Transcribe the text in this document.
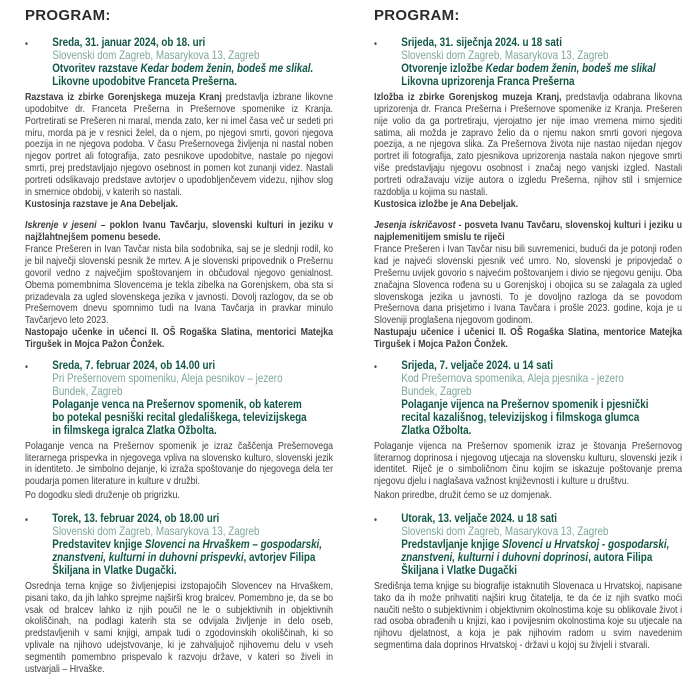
PROGRAM:
•	Sreda, 31. januar 2024, ob 18. uri
Slovenski dom Zagreb, Masarykova 13, Zagreb
Otvoritev razstave Kedar bodem ženin, bodeš me slikal.
Likovne upodobitve Franceta Prešerna.

Razstava iz zbirke Gorenjskega muzeja Kranj predstavlja izbrane likovne upodobitve dr. Franceta Prešerna in Prešernove spomenike iz Kranja. Portretirati se Prešeren ni maral, menda zato, ker ni imel časa več ur sedeti pri miru, morda pa je v resnici želel, da o njem, po njegovi smrti, govori njegova poezija in ne njegova podoba. V času Prešernovega življenja ni nastal noben njegov portret ali fotografija, zato pesnikove upodobitve, nastale po njegovi smrti, prej predstavljajo njegovo osebnost in pomen kot zunanji videz. Nastali portreti odslikavajo predstave avtorjev o upodobljenčevem videzu, njihov slog in smernice obdobij, v katerih so nastali.

Kustosinja razstave je Ana Debeljak.

Iskrenje v jeseni – poklon Ivanu Tavčarju, slovenski kulturi in jeziku v najžlahtnejšem pomenu besede.

France Prešeren in Ivan Tavčar nista bila sodobnika, saj se je slednji rodil, ko je bil največji slovenski pesnik že mrtev. A je slovenski pripovednik o Prešernu govoril vedno z največjim spoštovanjem in občudoval njegovo genialnost. Obema pomembnima Slovencema je tekla zibelka na Gorenjskem, oba sta si prizadevala za ugled slovenskega jezika v javnosti. Dovolj razlogov, da se ob Prešernovem dnevu spomnimo tudi na Ivana Tavčarja in pravkar minulo Tavčarjevo leto 2023.

Nastopajo učenke in učenci II. OŠ Rogaška Slatina, mentorici Matejka Tirgušek in Mojca Pažon Čonžek.

•	Sreda, 7. februar 2024, ob 14.00 uri
Pri Prešernovem spomeniku, Aleja pesnikov – jezero
Bundek, Zagreb
Polaganje venca na Prešernov spomenik, ob katerem
bo potekal pesniški recital gledališkega, televizijskega
in filmskega igralca Zlatka Ožbolta.

Polaganje venca na Prešernov spomenik je izraz čaščenja Prešernovega literarnega prispevka in njegovega vpliva na slovensko kulturo, slovenski jezik in identiteto. Je simbolno dejanje, ki izraža spoštovanje do njegovega dela ter poudarja pomen literature in kulture v družbi.

Po dogodku sledi druženje ob prigrizku.

•	Torek, 13. februar 2024, ob 18.00 uri
Slovenski dom Zagreb, Masarykova 13, Zagreb
Predstavitev knjige Slovenci na Hrvaškem – gospodarski,
znanstveni, kulturni in duhovni prispevki, avtorjev Filipa
Škiljana in Vlatke Dugački.

Osrednja tema knjige so življenjepisi izstopajočih Slovencev na Hrvaškem, pisani tako, da jih lahko sprejme najširši krog bralcev. Pomembno je, da se bo vsak od bralcev lahko iz njih poučil ne le o subjektivnih in objektivnih okoliščinah, na podlagi katerih sta se odvijala življenje in delo oseb, predstavljenih v sami knjigi, ampak tudi o zgodovinskih okoliščinah, ki so vplivale na njihovo udejstvovanje, ki je zahvaljujoč njihovemu delu v vseh segmentih pomembno prispevalo k razvoju države, v kateri so živeli in ustvarjali – Hrvaške.

PROGRAM:
•	Srijeda, 31. siječnja 2024. u 18 sati
Slovenski dom Zagreb, Masarykova 13, Zagreb
Otvorenje izložbe Kedar bodem ženin, bodeš me slikal
Likovna uprizorenja Franca Prešerna

Izložba iz zbirke Gorenjskog muzeja Kranj, predstavlja odabrana likovna uprizorenja dr. Franca Prešerna i Prešernove spomenike iz Kranja. Prešeren nije volio da ga portretiraju, vjerojatno jer nije imao vremena mirno sjediti satima, ali možda je zapravo želio da o njemu nakon smrti govori njegova poezija, a ne njegova slika. Za Prešernova života nije nastao nijedan njegov portret ili fotografija, zato pjesnikova uprizorenja nastala nakon njegove smrti više predstavljaju njegovu osobnost i značaj nego vanjski izgled. Nastali portreti odražavaju vizije autora o izgledu Prešerna, njihov stil i smjernice razdoblja u kojima su nastali.

Kustosica izložbe je Ana Debeljak.

Jesenja iskričavost - posveta Ivanu Tavčaru, slovenskoj kulturi i jeziku u najplemenitijem smislu te riječi

France Prešeren i Ivan Tavčar nisu bili suvremenici, budući da je potonji rođen kad je najveći slovenski pjesnik već umro. No, slovenski je pripovjedač o Prešernu uvijek govorio s najvećim poštovanjem i divio se njegovu geniju. Oba značajna Slovenca rođena su u Gorenjskoj i obojica su se zalagala za ugled slovenskoga jezika u javnosti. To je dovoljno razloga da se povodom Prešernova dana prisjetimo i Ivana Tavčara i prošle 2023. godine, koja je u Sloveniji proglašena njegovom godinom.

Nastupaju učenice i učenici II. OŠ Rogaška Slatina, mentorice Matejka Tirgušek i Mojca Pažon Čonžek.

•	Srijeda, 7. veljače 2024. u 14 sati
Kod Prešernova spomenika, Aleja pjesnika - jezero
Bundek, Zagreb
Polaganje vijenca na Prešernov spomenik i pjesnički
recital kazališnog, televizijskog i filmskoga glumca
Zlatka Ožbolta.

Polaganje vijenca na Prešernov spomenik izraz je štovanja Prešernovog literarnog doprinosa i njegovog utjecaja na slovensku kulturu, slovenski jezik i identitet. Riječ je o simboličnom činu kojim se iskazuje poštovanje prema njegovu djelu i naglašava važnost književnosti i kulture u društvu.

Nakon priredbe, družit ćemo se uz domjenak.

•	Utorak, 13. veljače 2024. u 18 sati
Slovenski dom Zagreb, Masarykova 13, Zagreb
Predstavljanje knjige Slovenci u Hrvatskoj - gospodarski,
znanstveni, kulturni i duhovni doprinosi, autora Filipa
Škiljana i Vlatke Dugački

Središnja tema knjige su biografije istaknutih Slovenaca u Hrvatskoj, napisane tako da ih može prihvatiti najširi krug čitatelja, te da će iz njih svatko moći naučiti nešto o subjektivnim i objektivnim okolnostima koje su oblikovale život i rad osoba obrađenih u knjizi, kao i povijesnim okolnostima koje su utjecale na njihovu djelatnost, a koja je pak njihovim radom u svim navedenim segmentima dala doprinos Hrvatskoj - državi u kojoj su živjeli i stvarali.
